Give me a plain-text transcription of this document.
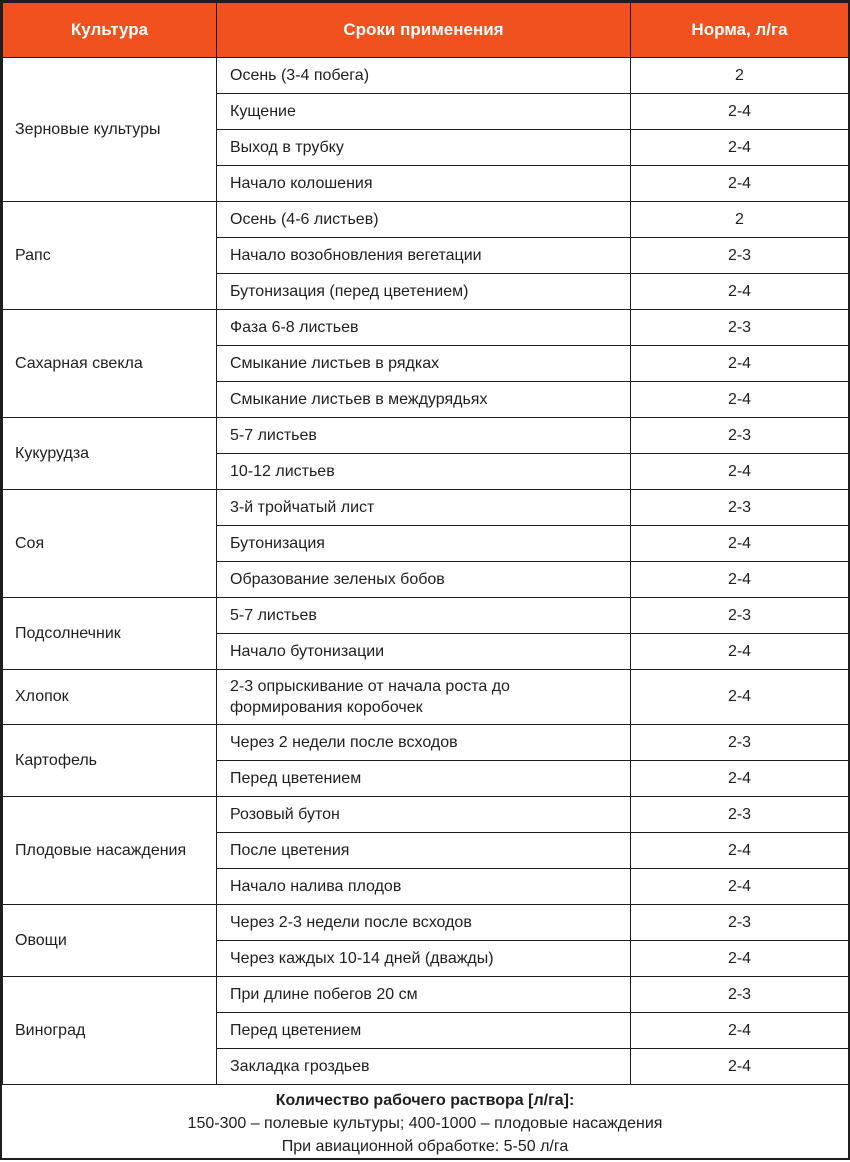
Культура	Сроки применения	Норма, л/га
Зерновые культуры	Осень (3-4 побега)	2
	Кущение	2-4
	Выход в трубку	2-4
	Начало колошения	2-4
Рапс	Осень (4-6 листьев)	2
	Начало возобновления вегетации	2-3
	Бутонизация (перед цветением)	2-4
Сахарная свекла	Фаза 6-8 листьев	2-3
	Смыкание листьев в рядках	2-4
	Смыкание листьев в междурядьях	2-4
Кукурудза	5-7 листьев	2-3
	10-12 листьев	2-4
Соя	3-й тройчатый лист	2-3
	Бутонизация	2-4
	Образование зеленых бобов	2-4
Подсолнечник	5-7 листьев	2-3
	Начало бутонизации	2-4
Хлопок	2-3 опрыскивание от начала роста до формирования коробочек	2-4
Картофель	Через 2 недели после всходов	2-3
	Перед цветением	2-4
Плодовые насаждения	Розовый бутон	2-3
	После цветения	2-4
	Начало налива плодов	2-4
Овощи	Через 2-3 недели после всходов	2-3
	Через каждых 10-14 дней (дважды)	2-4
Виноград	При длине побегов 20 см	2-3
	Перед цветением	2-4
	Закладка гроздьев	2-4
Количество рабочего раствора [л/га]:
150-300 – полевые культуры; 400-1000 – плодовые насаждения
При авиационной обработке: 5-50 л/га
